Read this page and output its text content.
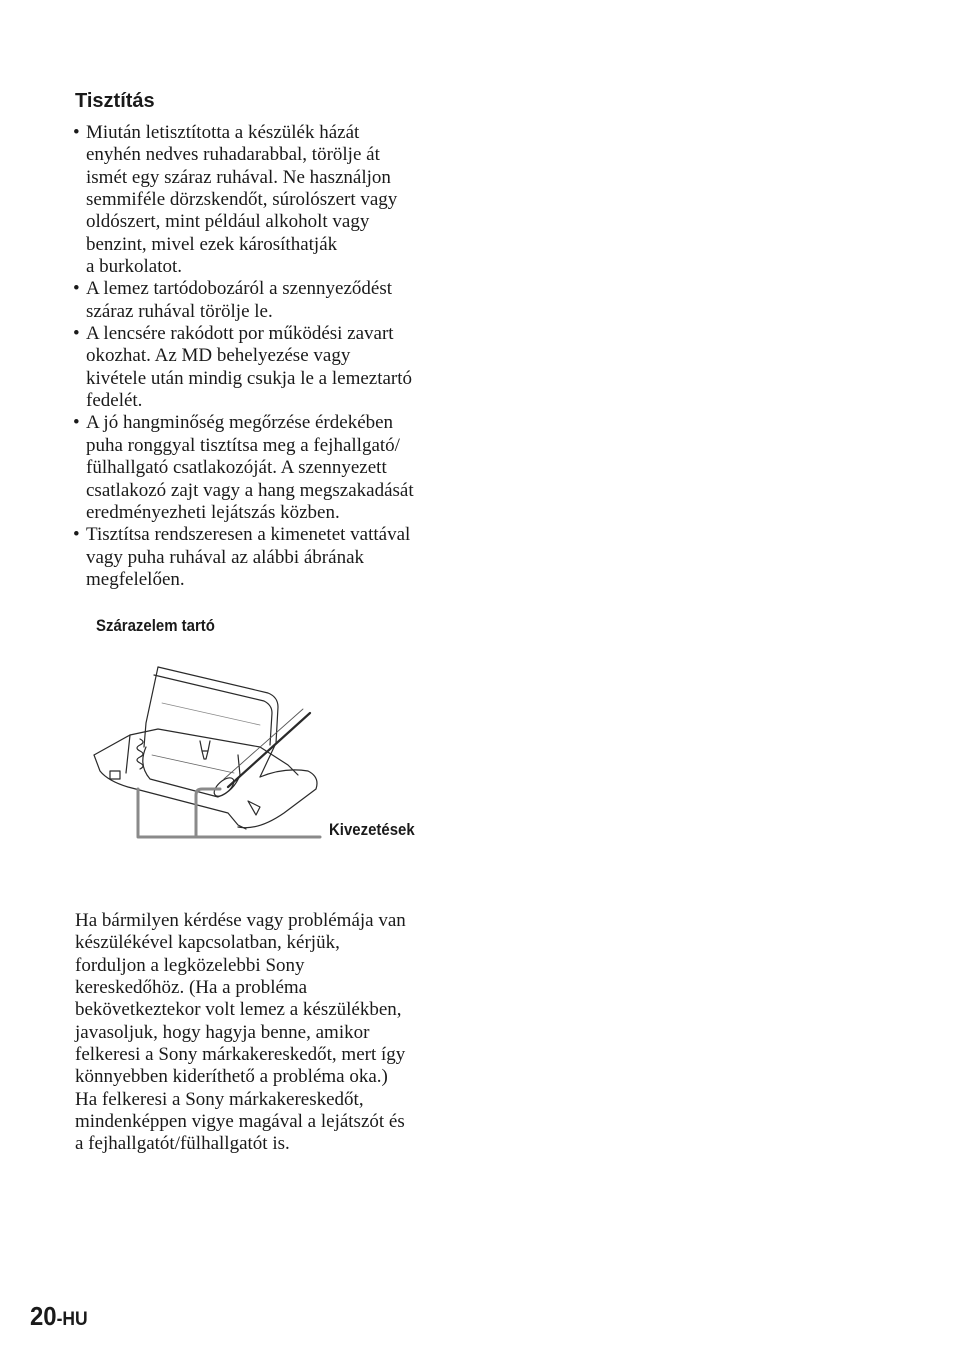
Tisztítás
• Miután letisztította a készülék házát
enyhén nedves ruhadarabbal, törölje át
ismét egy száraz ruhával. Ne használjon
semmiféle dörzskendőt, súrolószert vagy
oldószert, mint például alkoholt vagy
benzint, mivel ezek károsíthatják
a burkolatot.
• A lemez tartódobozáról a szennyeződést
száraz ruhával törölje le.
• A lencsére rakódott por működési zavart
okozhat. Az MD behelyezése vagy
kivétele után mindig csukja le a lemeztartó
fedelét.
• A jó hangminőség megőrzése érdekében
puha ronggyal tisztítsa meg a fejhallgató/
fülhallgató csatlakozóját. A szennyezett
csatlakozó zajt vagy a hang megszakadását
eredményezheti lejátszás közben.
• Tisztítsa rendszeresen a kimenetet vattával
vagy puha ruhával az alábbi ábrának
megfelelően.
Szárazelem tartó
Kivezetések

Ha bármilyen kérdése vagy problémája van
készülékével kapcsolatban, kérjük,
forduljon a legközelebbi Sony
kereskedőhöz. (Ha a probléma
bekövetkeztekor volt lemez a készülékben,
javasoljuk, hogy hagyja benne, amikor
felkeresi a Sony márkakereskedőt, mert így
könnyebben kideríthető a probléma oka.)
Ha felkeresi a Sony márkakereskedőt,
mindenképpen vigye magával a lejátszót és
a fejhallgatót/fülhallgatót is.

20-HU
